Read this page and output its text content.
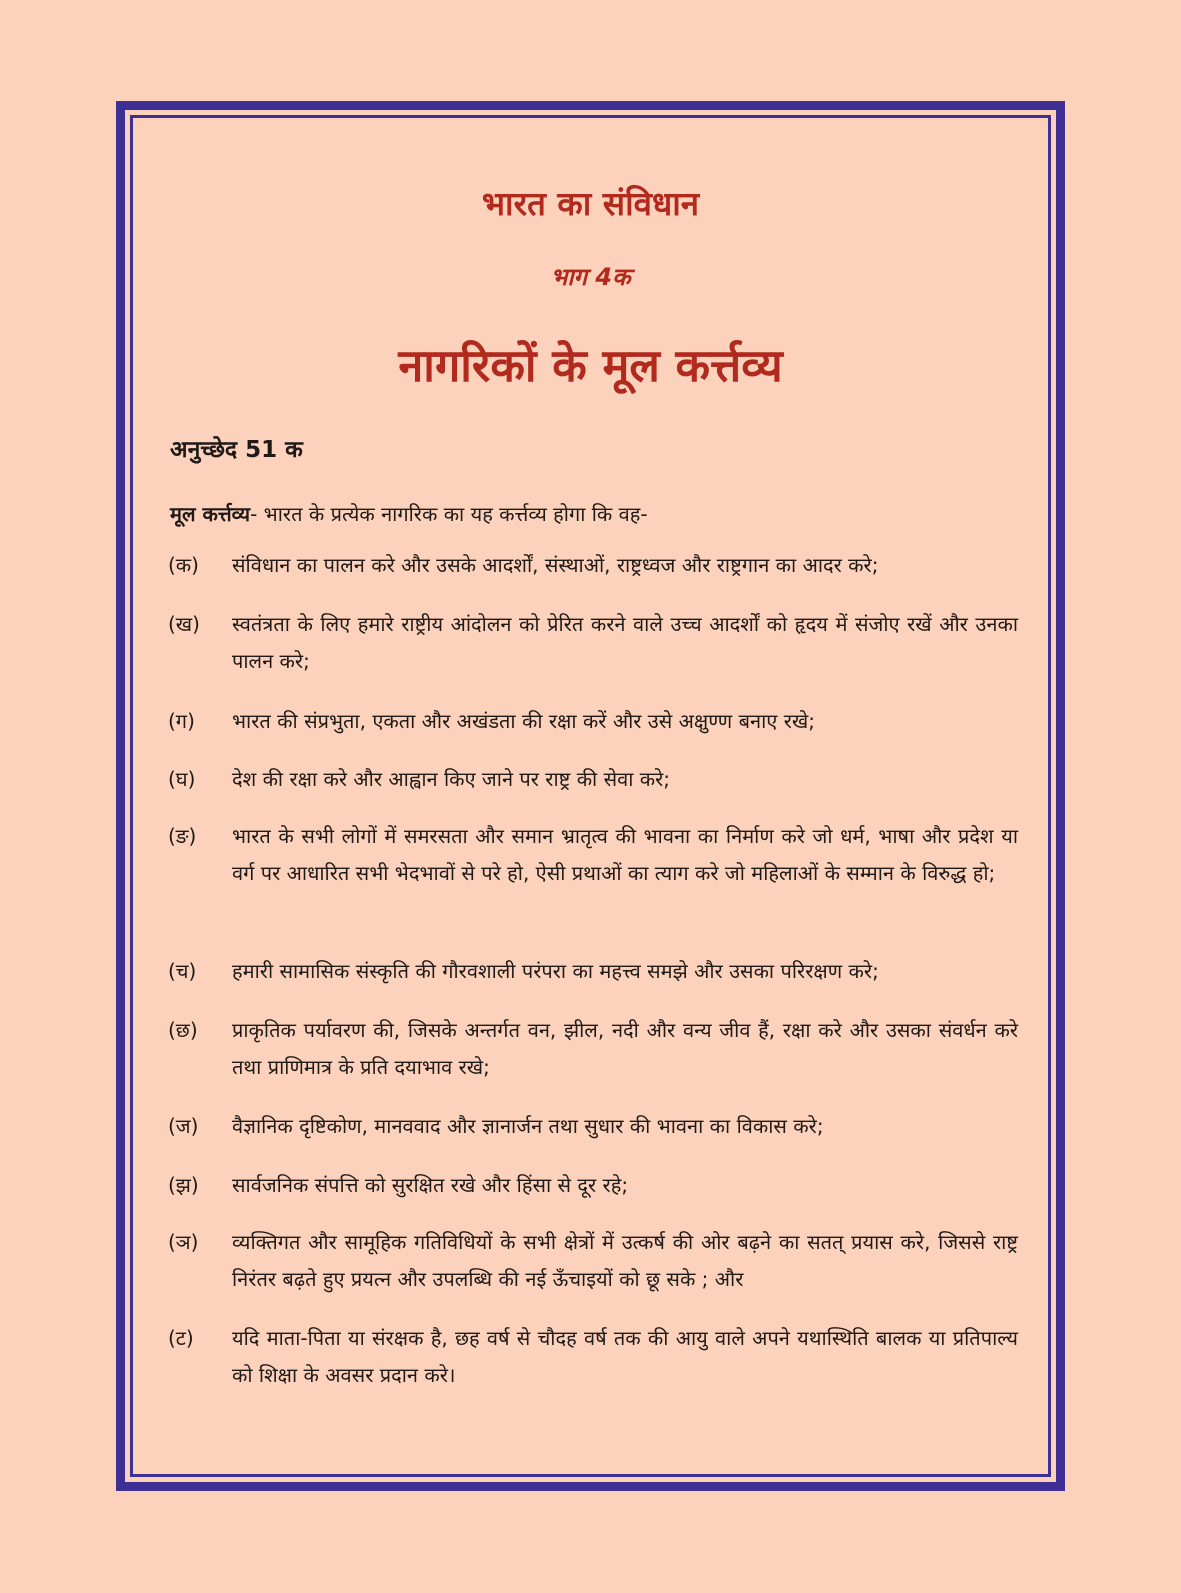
भारत का संविधान
भाग 4क
नागरिकों के मूल कर्त्तव्य
अनुच्छेद 51 क
मूल कर्त्तव्य- भारत के प्रत्येक नागरिक का यह कर्त्तव्य होगा कि वह-
(क)	संविधान का पालन करे और उसके आदर्शों, संस्थाओं, राष्ट्रध्वज और राष्ट्रगान का आदर करे;
(ख)	स्वतंत्रता के लिए हमारे राष्ट्रीय आंदोलन को प्रेरित करने वाले उच्च आदर्शों को हृदय में संजोए रखें और उनका पालन करे;
(ग)	भारत की संप्रभुता, एकता और अखंडता की रक्षा करें और उसे अक्षुण्ण बनाए रखे;
(घ)	देश की रक्षा करे और आह्वान किए जाने पर राष्ट्र की सेवा करे;
(ङ)	भारत के सभी लोगों में समरसता और समान भ्रातृत्व की भावना का निर्माण करे जो धर्म, भाषा और प्रदेश या वर्ग पर आधारित सभी भेदभावों से परे हो, ऐसी प्रथाओं का त्याग करे जो महिलाओं के सम्मान के विरुद्ध हो;
(च)	हमारी सामासिक संस्कृति की गौरवशाली परंपरा का महत्त्व समझे और उसका परिरक्षण करे;
(छ)	प्राकृतिक पर्यावरण की, जिसके अन्तर्गत वन, झील, नदी और वन्य जीव हैं, रक्षा करे और उसका संवर्धन करे तथा प्राणिमात्र के प्रति दयाभाव रखे;
(ज)	वैज्ञानिक दृष्टिकोण, मानववाद और ज्ञानार्जन तथा सुधार की भावना का विकास करे;
(झ)	सार्वजनिक संपत्ति को सुरक्षित रखे और हिंसा से दूर रहे;
(ञ)	व्यक्तिगत और सामूहिक गतिविधियों के सभी क्षेत्रों में उत्कर्ष की ओर बढ़ने का सतत् प्रयास करे, जिससे राष्ट्र निरंतर बढ़ते हुए प्रयत्न और उपलब्धि की नई ऊँचाइयों को छू सके ; और
(ट)	यदि माता-पिता या संरक्षक है, छह वर्ष से चौदह वर्ष तक की आयु वाले अपने यथास्थिति बालक या प्रतिपाल्य को शिक्षा के अवसर प्रदान करे।
